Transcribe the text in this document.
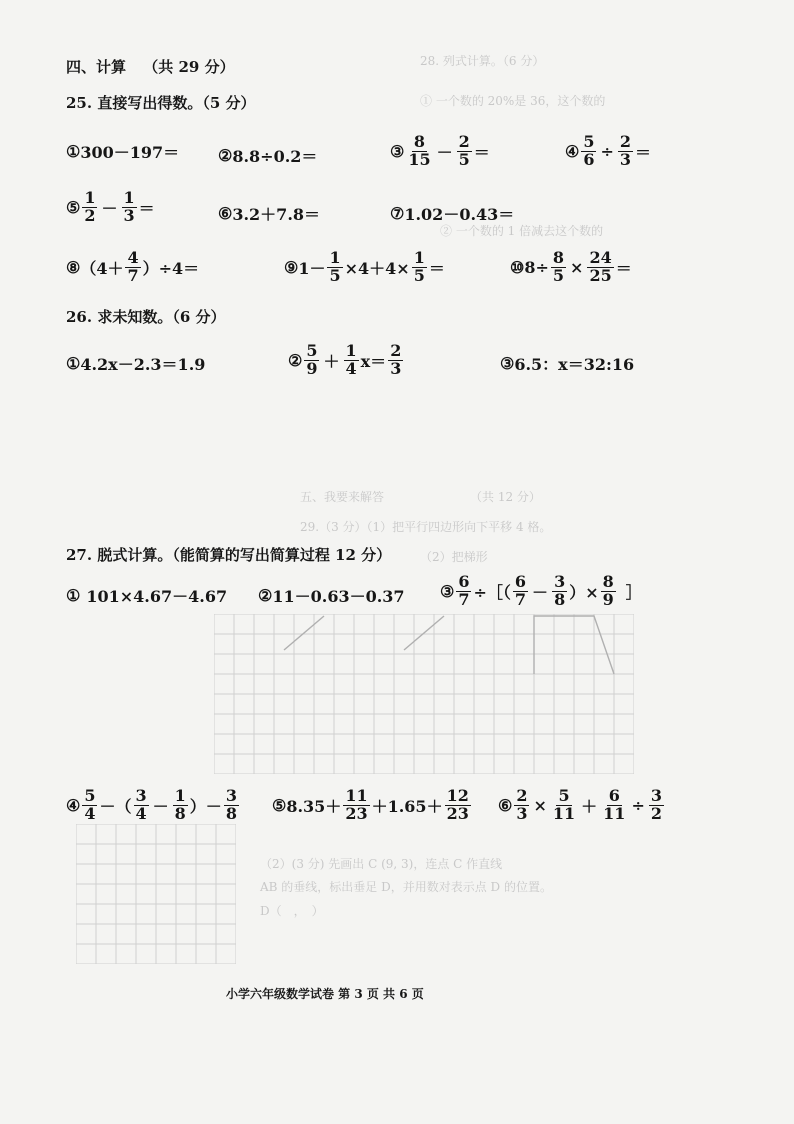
28. 列式计算。（6 分）
① 一个数的 20%是 36，这个数的
② 一个数的 1 倍减去这个数的
五、我要来解答	（共 12 分）
29.（3 分）（1）把平行四边形向下平移 4 格。
（2）把梯形
（2）(3 分) 先画出 C (9, 3)，连点 C 作直线
AB 的垂线，标出垂足 D，并用数对表示点 D 的位置。
D（　，　）
四、计算 （共 29 分）
25. 直接写出得数。（5 分）
① 300－197＝ ② 8.8÷0.2＝	③ $\frac{8}{15} - \frac{2}{5}$ ＝	④ $\frac{5}{6} \div \frac{2}{3}$ ＝
⑤ $\frac{1}{2} - \frac{1}{3}$ ＝	⑥ 3.2＋7.8＝	⑦ 1.02－0.43＝
⑧ $(4+ \frac{4}{7} )\div 4=$	⑨ $1- \frac{1}{5} \times 4+4\times \frac{1}{5}$ ＝	⑩ $8\div \frac{8}{5} \times \frac{24}{25}$ ＝
26. 求未知数。（6 分）
① 4.2x－2.3＝1.9	② $\frac{5}{9} + \frac{1}{4} x= \frac{2}{3}$	③ 6.5：x＝32:16
27. 脱式计算。（能简算的写出简算过程 12 分）
① 101×4.67－4.67 ② 11－0.63－0.37 ③ $\frac{6}{7}$ ÷［（ $\frac{6}{7} - \frac{3}{8}$ ）× $\frac{8}{9}$ ］
④ $\frac{5}{4}$ －（ $\frac{3}{4} - \frac{1}{8}$ ）－ $\frac{3}{8}$ ⑤ $8.35+ \frac{11}{23} +1.65+ \frac{12}{23}$ ⑥ $\frac{2}{3} \times \frac{5}{11} + \frac{6}{11} \div \frac{3}{2}$
小学六年级数学试卷 第 3 页 共 6 页
